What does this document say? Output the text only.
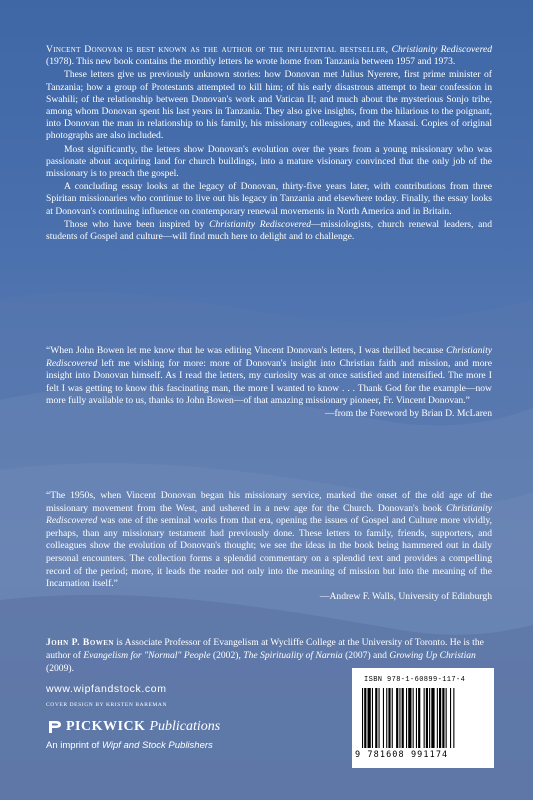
Vincent Donovan is best known as the author of the influential bestseller, Christianity Rediscovered (1978). This new book contains the monthly letters he wrote home from Tanzania between 1957 and 1973.

These letters give us previously unknown stories: how Donovan met Julius Nyerere, first prime minister of Tanzania; how a group of Protestants attempted to kill him; of his early disastrous attempt to hear confession in Swahili; of the relationship between Donovan's work and Vatican II; and much about the mysterious Sonjo tribe, among whom Donovan spent his last years in Tanzania. They also give insights, from the hilarious to the poignant, into Donovan the man in relationship to his family, his missionary colleagues, and the Maasai. Copies of original photographs are also included.

Most significantly, the letters show Donovan's evolution over the years from a young missionary who was passionate about acquiring land for church buildings, into a mature visionary convinced that the only job of the missionary is to preach the gospel.

A concluding essay looks at the legacy of Donovan, thirty-five years later, with contributions from three Spiritan missionaries who continue to live out his legacy in Tanzania and elsewhere today. Finally, the essay looks at Donovan's continuing influence on contemporary renewal movements in North America and in Britain.

Those who have been inspired by Christianity Rediscovered—missiologists, church renewal leaders, and students of Gospel and culture—will find much here to delight and to challenge.

“When John Bowen let me know that he was editing Vincent Donovan's letters, I was thrilled because Christianity Rediscovered left me wishing for more: more of Donovan's insight into Christian faith and mission, and more insight into Donovan himself. As I read the letters, my curiosity was at once satisfied and intensified. The more I felt I was getting to know this fascinating man, the more I wanted to know . . . Thank God for the example—now more fully available to us, thanks to John Bowen—of that amazing missionary pioneer, Fr. Vincent Donovan.”

—from the Foreword by Brian D. McLaren

“The 1950s, when Vincent Donovan began his missionary service, marked the onset of the old age of the missionary movement from the West, and ushered in a new age for the Church. Donovan's book Christianity Rediscovered was one of the seminal works from that era, opening the issues of Gospel and Culture more vividly, perhaps, than any missionary testament had previously done. These letters to family, friends, supporters, and colleagues show the evolution of Donovan's thought; we see the ideas in the book being hammered out in daily personal encounters. The collection forms a splendid commentary on a splendid text and provides a compelling record of the period; more, it leads the reader not only into the meaning of mission but into the meaning of the Incarnation itself.”

—Andrew F. Walls, University of Edinburgh

John P. Bowen is Associate Professor of Evangelism at Wycliffe College at the University of Toronto. He is the author of Evangelism for "Normal" People (2002), The Spirituality of Narnia (2007) and Growing Up Christian (2009).
www.wipfandstock.com
COVER DESIGN BY KRISTEN BAREMAN
PICKWICK Publications
An imprint of Wipf and Stock Publishers
ISBN 978-1-60899-117-4
9 781608 991174
